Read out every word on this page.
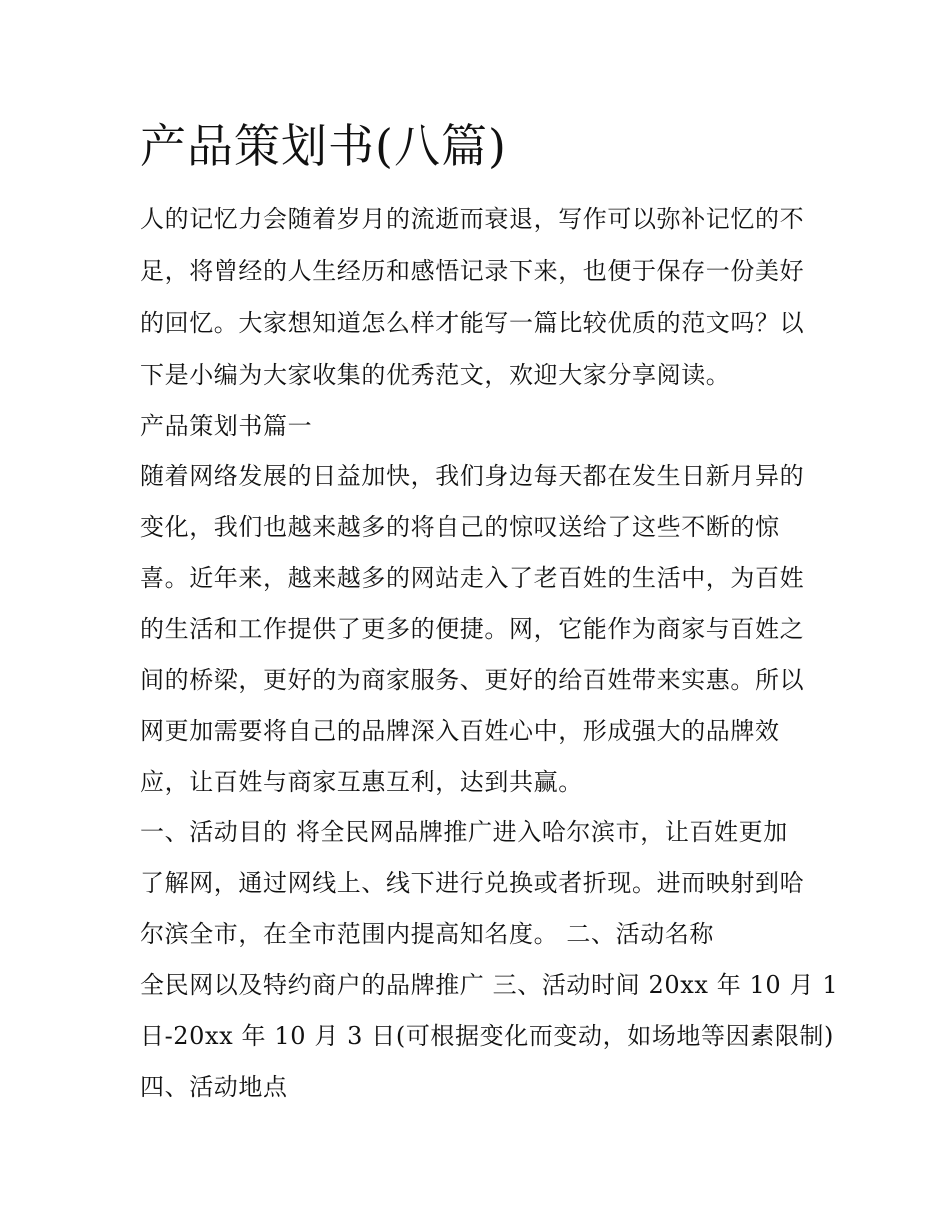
产品策划书(八篇)
人的记忆力会随着岁月的流逝而衰退，写作可以弥补记忆的不
足，将曾经的人生经历和感悟记录下来，也便于保存一份美好
的回忆。大家想知道怎么样才能写一篇比较优质的范文吗？以
下是小编为大家收集的优秀范文，欢迎大家分享阅读。
产品策划书篇一
随着网络发展的日益加快，我们身边每天都在发生日新月异的
变化，我们也越来越多的将自己的惊叹送给了这些不断的惊
喜。近年来，越来越多的网站走入了老百姓的生活中，为百姓
的生活和工作提供了更多的便捷。网，它能作为商家与百姓之
间的桥梁，更好的为商家服务、更好的给百姓带来实惠。所以
网更加需要将自己的品牌深入百姓心中，形成强大的品牌效
应，让百姓与商家互惠互利，达到共赢。
一、活动目的 将全民网品牌推广进入哈尔滨市，让百姓更加
了解网，通过网线上、线下进行兑换或者折现。进而映射到哈
尔滨全市，在全市范围内提高知名度。 二、活动名称
全民网以及特约商户的品牌推广 三、活动时间 20xx 年 10 月 1
日-20xx 年 10 月 3 日(可根据变化而变动，如场地等因素限制)
四、活动地点
